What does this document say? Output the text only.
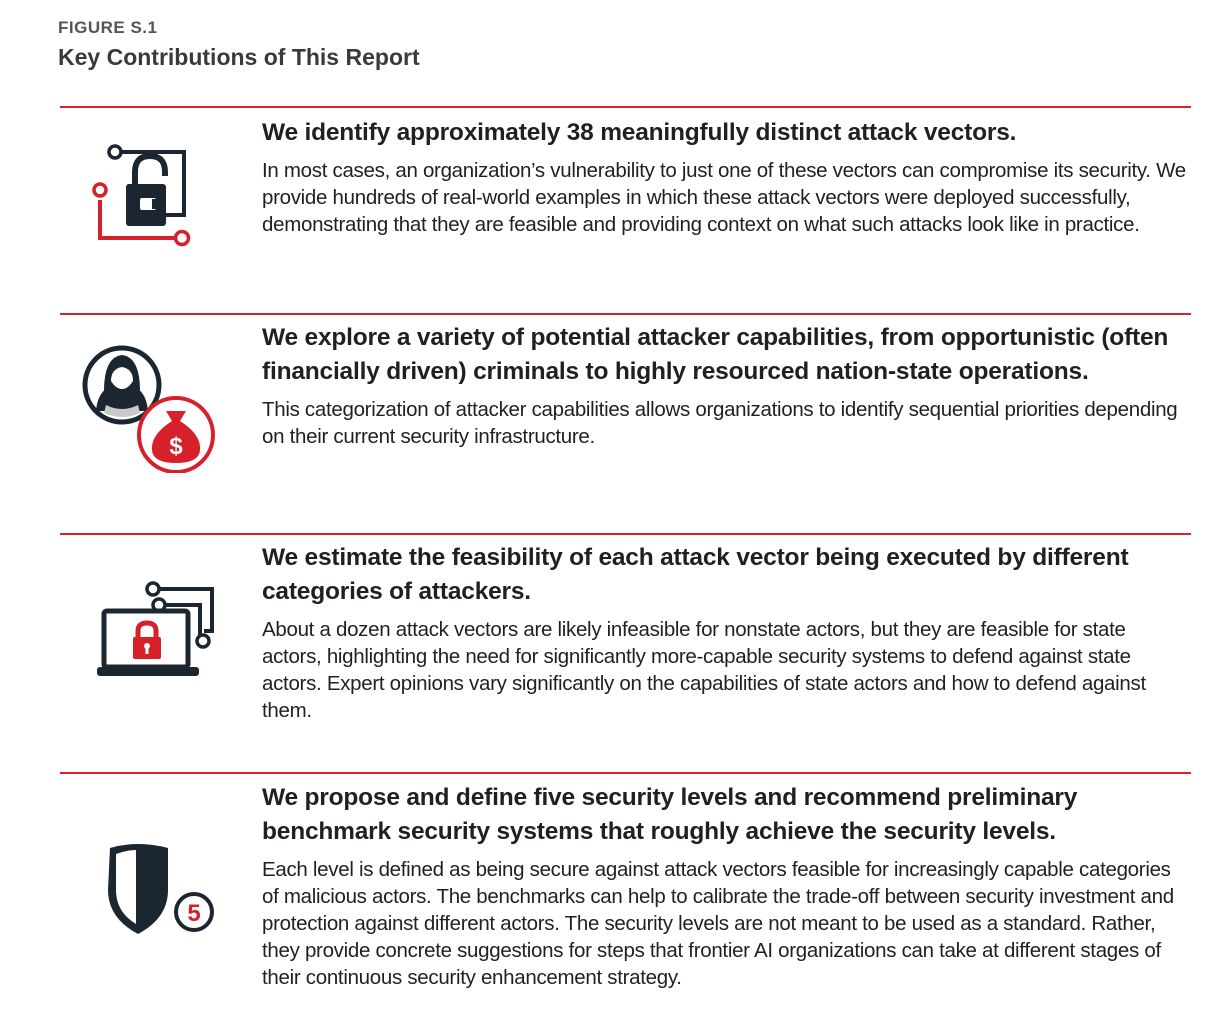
FIGURE S.1
Key Contributions of This Report

We identify approximately 38 meaningfully distinct attack vectors.

In most cases, an organization’s vulnerability to just one of these vectors can compromise its security. We provide hundreds of real-world examples in which these attack vectors were deployed successfully, demonstrating that they are feasible and providing context on what such attacks look like in practice.

$

We explore a variety of potential attacker capabilities, from opportunistic (often financially driven) criminals to highly resourced nation-state operations.

This categorization of attacker capabilities allows organizations to identify sequential priorities depending on their current security infrastructure.

We estimate the feasibility of each attack vector being executed by different categories of attackers.

About a dozen attack vectors are likely infeasible for nonstate actors, but they are feasible for state actors, highlighting the need for significantly more-capable security systems to defend against state actors. Expert opinions vary significantly on the capabilities of state actors and how to defend against them.

5

We propose and define five security levels and recommend preliminary benchmark security systems that roughly achieve the security levels.

Each level is defined as being secure against attack vectors feasible for increasingly capable categories of malicious actors. The benchmarks can help to calibrate the trade-off between security investment and protection against different actors. The security levels are not meant to be used as a standard. Rather, they provide concrete suggestions for steps that frontier AI organizations can take at different stages of their continuous security enhancement strategy.
